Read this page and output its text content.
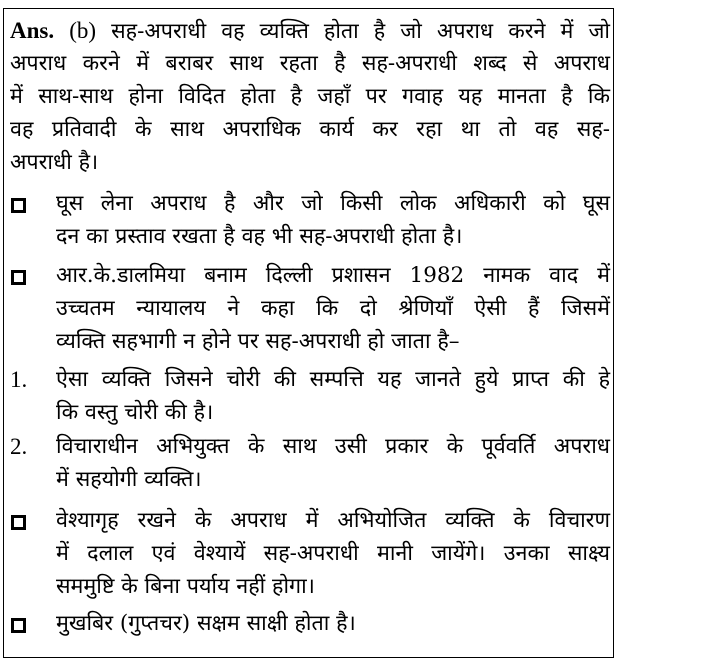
Ans. (b) सह-अपराधी वह व्यक्ति होता है जो अपराध करने में जो
अपराध करने में बराबर साथ रहता है सह-अपराधी शब्द से अपराध
में साथ-साथ होना विदित होता है जहाँ पर गवाह यह मानता है कि
वह प्रतिवादी के साथ अपराधिक कार्य कर रहा था तो वह सह-
अपराधी है।
घूस लेना अपराध है और जो किसी लोक अधिकारी को घूस
दन का प्रस्ताव रखता है वह भी सह-अपराधी होता है।
आर.के.डालमिया बनाम दिल्ली प्रशासन 1982 नामक वाद में
उच्चतम न्यायालय ने कहा कि दो श्रेणियाँ ऐसी हैं जिसमें
व्यक्ति सहभागी न होने पर सह-अपराधी हो जाता है–
1. ऐसा व्यक्ति जिसने चोरी की सम्पत्ति यह जानते हुये प्राप्त की हे
कि वस्तु चोरी की है।
2. विचाराधीन अभियुक्त के साथ उसी प्रकार के पूर्ववर्ति अपराध
में सहयोगी व्यक्ति।
वेश्यागृह रखने के अपराध में अभियोजित व्यक्ति के विचारण
में दलाल एवं वेश्यायें सह-अपराधी मानी जायेंगे। उनका साक्ष्य
सममुष्टि के बिना पर्याय नहीं होगा।
मुखबिर (गुप्तचर) सक्षम साक्षी होता है।
